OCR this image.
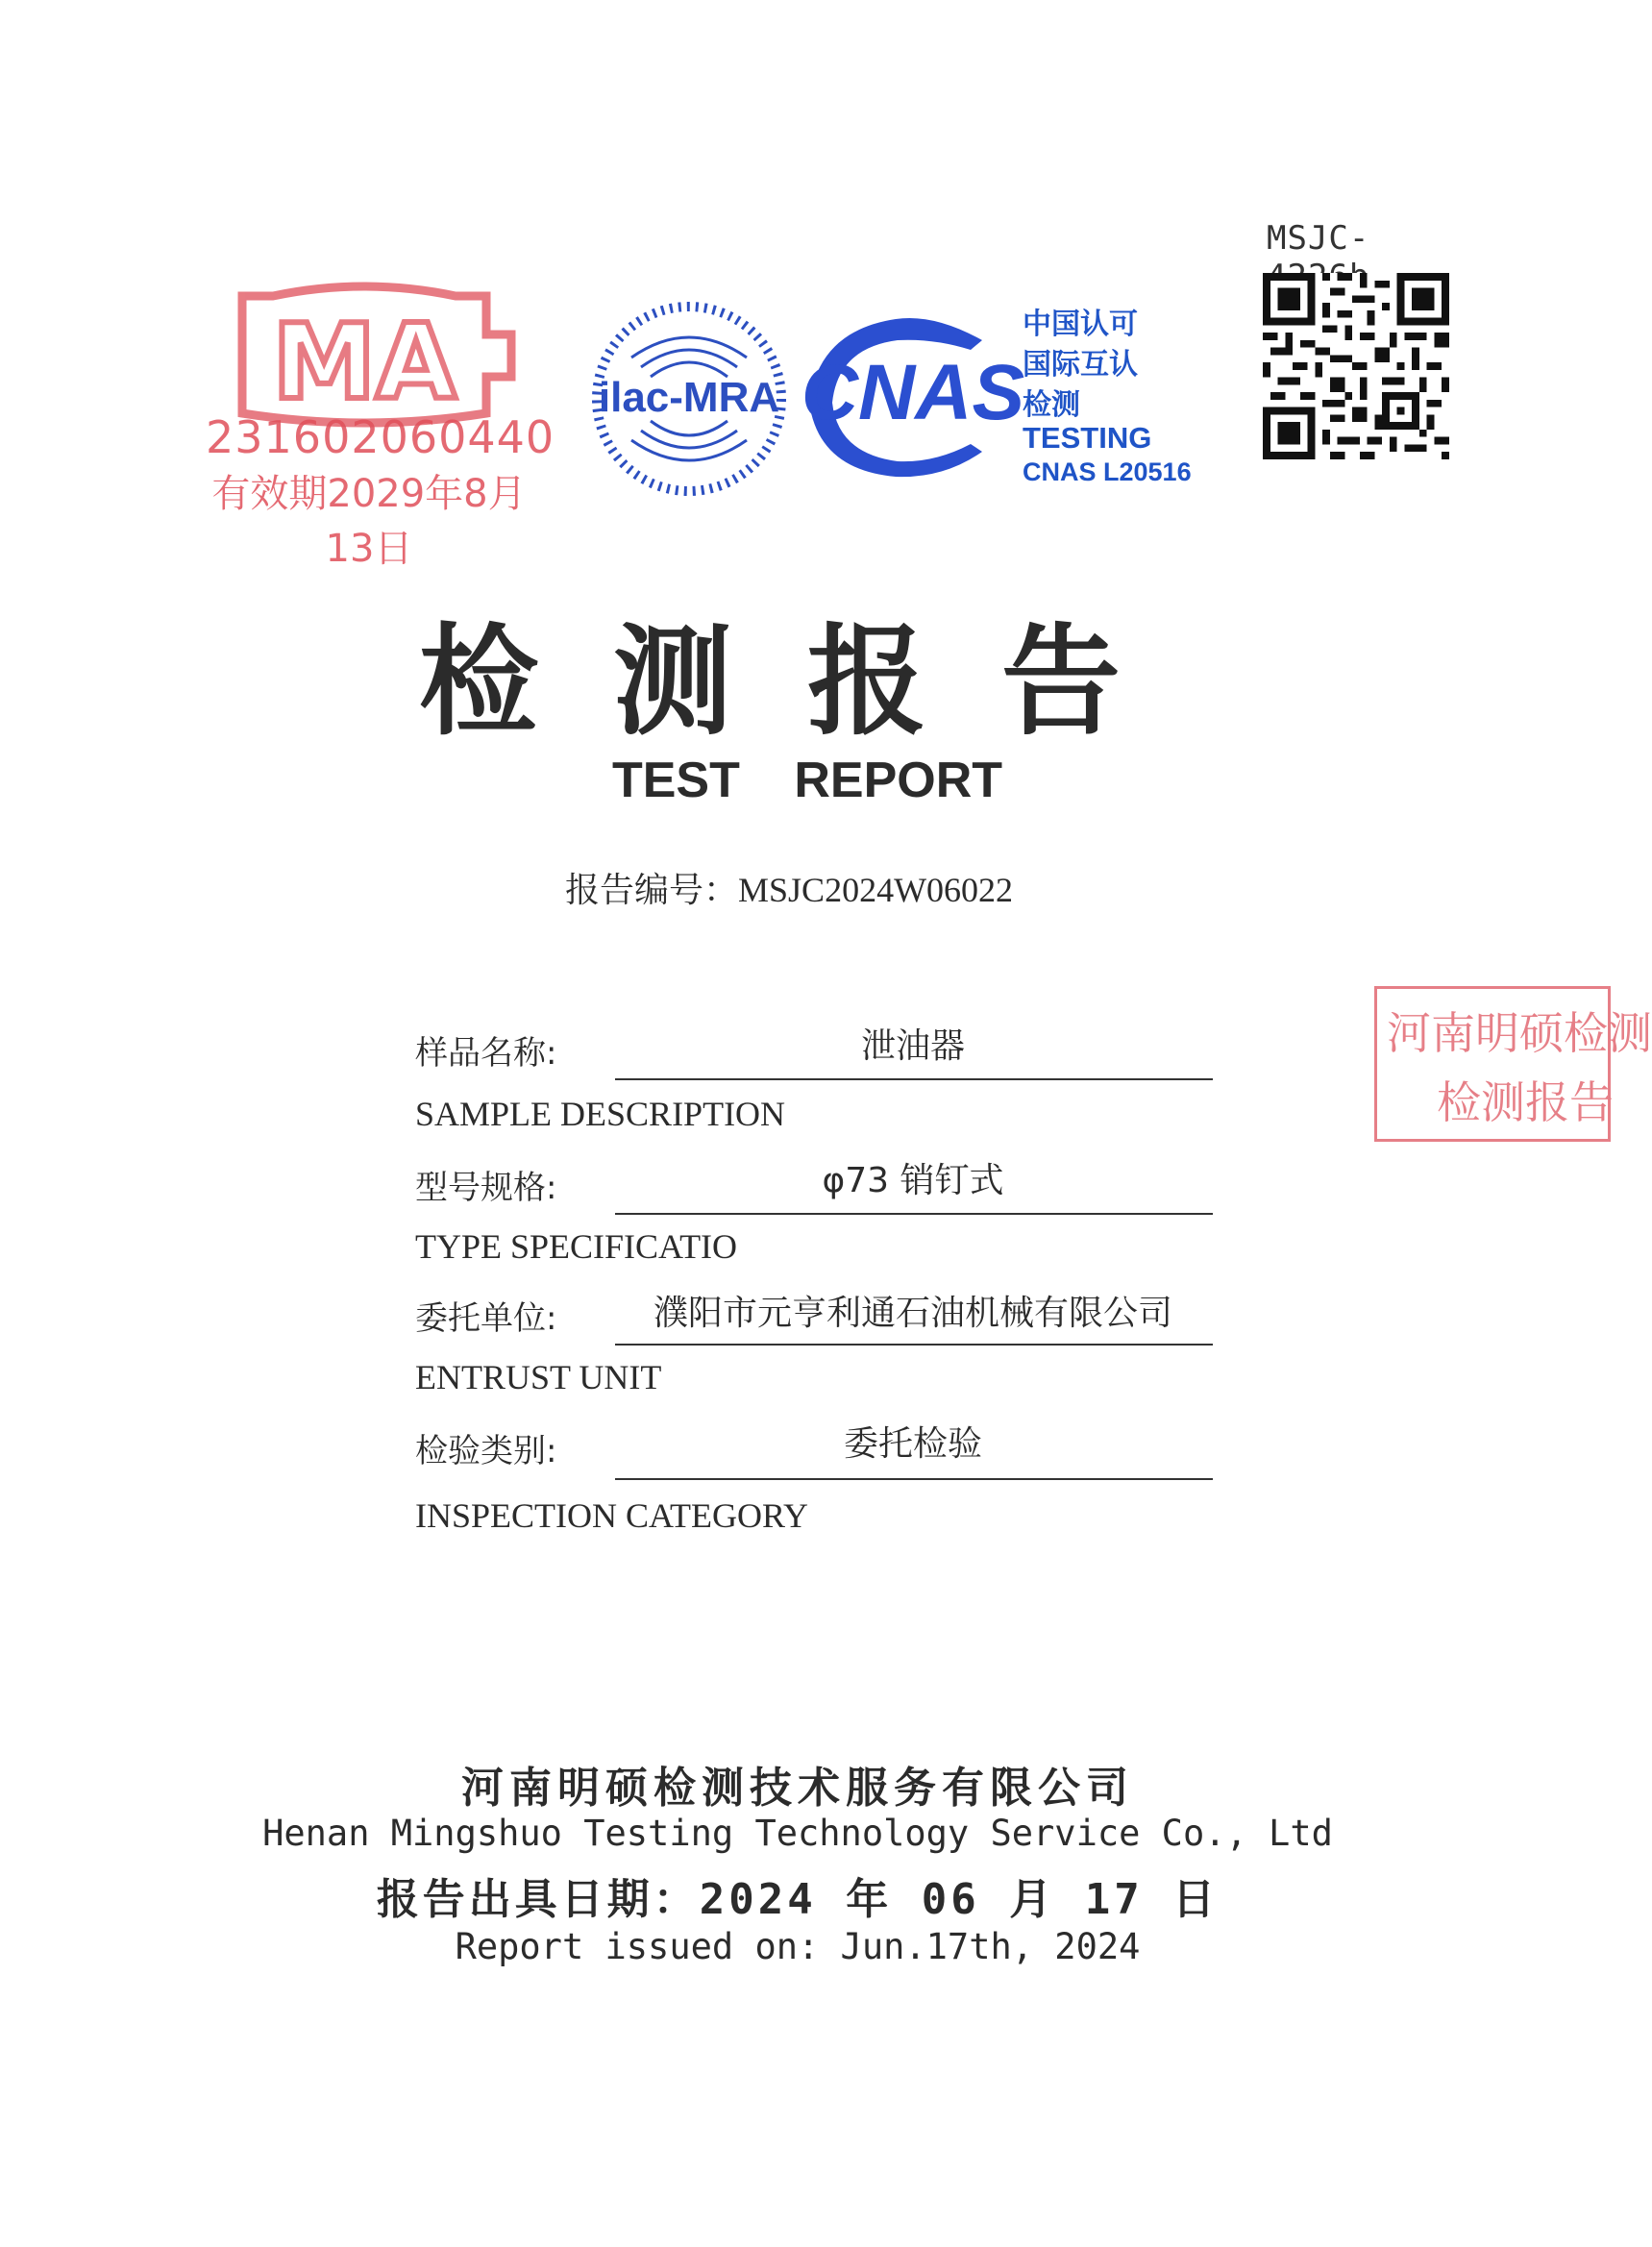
MSJC-
MA
231602060440
有效期2029年8月13日
ilac-MRA CNAS
中国认可
国际互认
检测
TESTING
CNAS L20516
检测报告
TEST REPORT
报告编号：MSJC2024W06022
样品名称:	泄油器
SAMPLE DESCRIPTION
型号规格:	φ73 销钉式
TYPE SPECIFICATIO
委托单位:	濮阳市元亨利通石油机械有限公司
ENTRUST UNIT
检验类别:	委托检验
INSPECTION CATEGORY
河南明硕检测
检测报告
河南明硕检测技术服务有限公司
Henan Mingshuo Testing Technology Service Co., Ltd
报告出具日期：2024 年 06 月 17 日
Report issued on: Jun.17th, 2024
